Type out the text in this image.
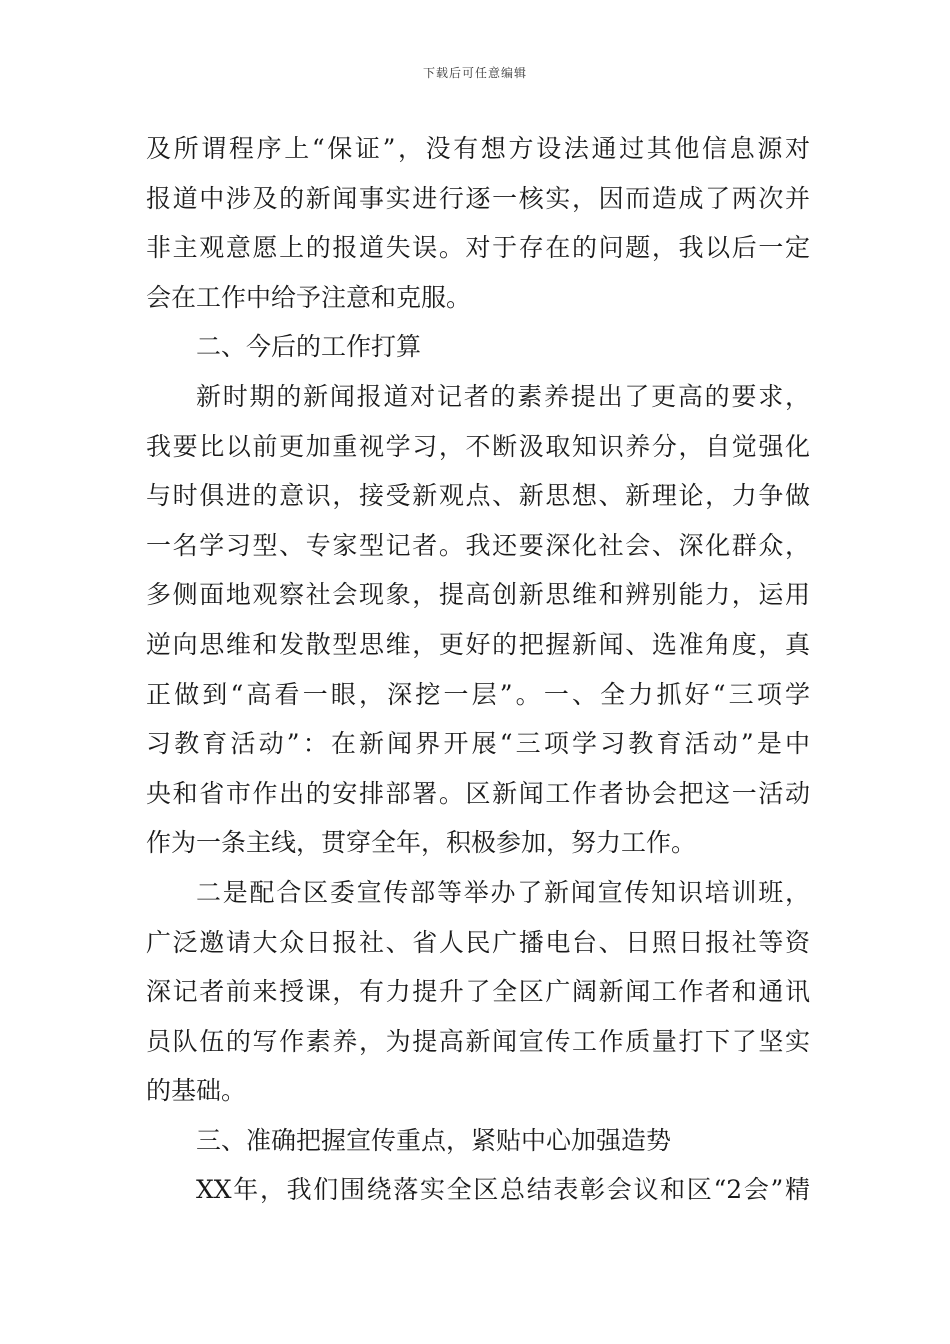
下载后可任意编辑
及所谓程序上“保证”，没有想方设法通过其他信息源对
报道中涉及的新闻事实进行逐一核实，因而造成了两次并
非主观意愿上的报道失误。对于存在的问题，我以后一定
会在工作中给予注意和克服。
二、今后的工作打算
新时期的新闻报道对记者的素养提出了更高的要求，
我要比以前更加重视学习，不断汲取知识养分，自觉强化
与时俱进的意识，接受新观点、新思想、新理论，力争做
一名学习型、专家型记者。我还要深化社会、深化群众，
多侧面地观察社会现象，提高创新思维和辨别能力，运用
逆向思维和发散型思维，更好的把握新闻、选准角度，真
正做到“高看一眼，深挖一层”。一、全力抓好“三项学
习教育活动”：在新闻界开展“三项学习教育活动”是中
央和省市作出的安排部署。区新闻工作者协会把这一活动
作为一条主线，贯穿全年，积极参加，努力工作。
二是配合区委宣传部等举办了新闻宣传知识培训班，
广泛邀请大众日报社、省人民广播电台、日照日报社等资
深记者前来授课，有力提升了全区广阔新闻工作者和通讯
员队伍的写作素养，为提高新闻宣传工作质量打下了坚实
的基础。
三、准确把握宣传重点，紧贴中心加强造势
XX年，我们围绕落实全区总结表彰会议和区“2会”精
